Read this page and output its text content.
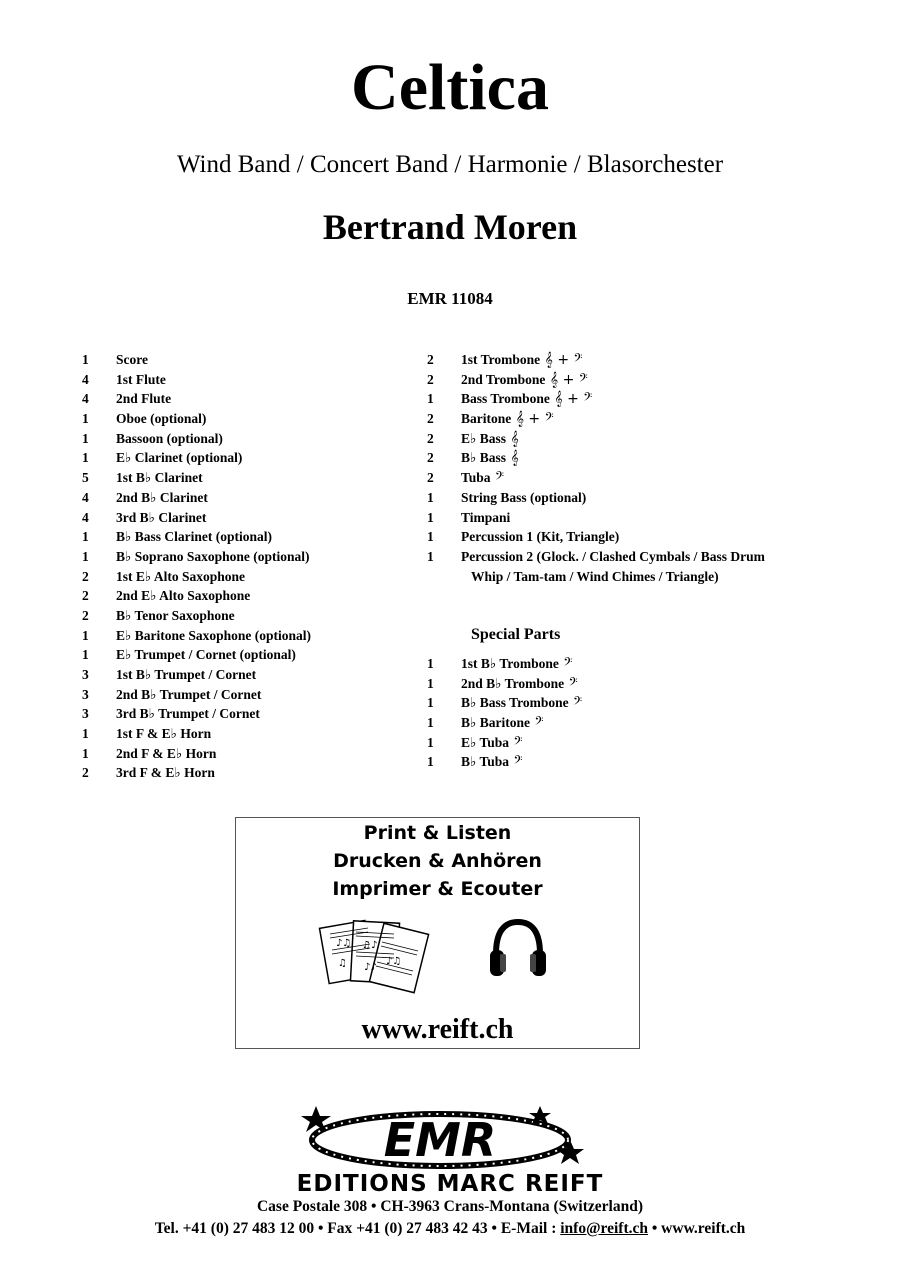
Celtica
Wind Band / Concert Band / Harmonie / Blasorchester
Bertrand Moren
EMR 11084
1	Score
4	1st Flute
4	2nd Flute
1	Oboe (optional)
1	Bassoon (optional)
1	E♭ Clarinet (optional)
5	1st B♭ Clarinet
4	2nd B♭ Clarinet
4	3rd B♭ Clarinet
1	B♭ Bass Clarinet (optional)
1	B♭ Soprano Saxophone (optional)
2	1st E♭ Alto Saxophone
2	2nd E♭ Alto Saxophone
2	B♭ Tenor Saxophone
1	E♭ Baritone Saxophone (optional)
1	E♭ Trumpet / Cornet (optional)
3	1st B♭ Trumpet / Cornet
3	2nd B♭ Trumpet / Cornet
3	3rd B♭ Trumpet / Cornet
1	1st F & E♭ Horn
1	2nd F & E♭ Horn
2	3rd F & E♭ Horn
2	1st Trombone 𝄞 + 𝄢
2	2nd Trombone 𝄞 + 𝄢
1	Bass Trombone 𝄞 + 𝄢
2	Baritone 𝄞 + 𝄢
2	E♭ Bass 𝄞
2	B♭ Bass 𝄞
2	Tuba 𝄢
1	String Bass (optional)
1	Timpani
1	Percussion 1 (Kit, Triangle)
1	Percussion 2 (Glock. / Clashed Cymbals / Bass Drum
Whip / Tam-tam / Wind Chimes / Triangle)
Special Parts
1	1st B♭ Trombone 𝄢
1	2nd B♭ Trombone 𝄢
1	B♭ Bass Trombone 𝄢
1	B♭ Baritone 𝄢
1	E♭ Tuba 𝄢
1	B♭ Tuba 𝄢
Print & Listen
Drucken & Anhören
Imprimer & Ecouter
♪♫ ♫♪
♪♫
♫ ♪♪
www.reift.ch
EMR
EDITIONS MARC REIFT
Case Postale 308 • CH-3963 Crans-Montana (Switzerland)
Tel. +41 (0) 27 483 12 00 • Fax +41 (0) 27 483 42 43 • E-Mail : info@reift.ch • www.reift.ch
